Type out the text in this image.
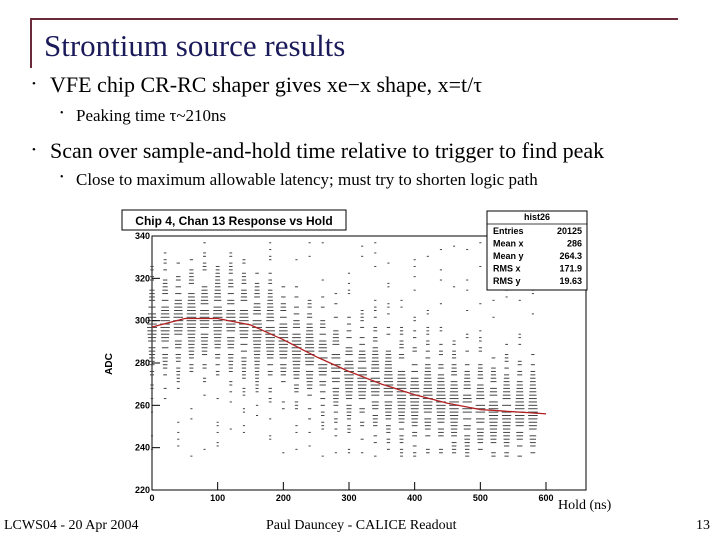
Strontium source results
• VFE chip CR-RC shaper gives xe−x shape, x=t/τ
• Peaking time τ~210ns
• Scan over sample-and-hold time relative to trigger to find peak
• Close to maximum allowable latency; must try to shorten logic path
Chip 4, Chan 13 Response vs Hold
220
240
260
280
300
320
340
0	100	200	300	400	500	600
ADC
hist26
Entries	20125
Mean x	286
Mean y	264.3
RMS x	171.9
RMS y	19.63
Hold (ns)
LCWS04 - 20 Apr 2004	Paul Dauncey - CALICE Readout	13
